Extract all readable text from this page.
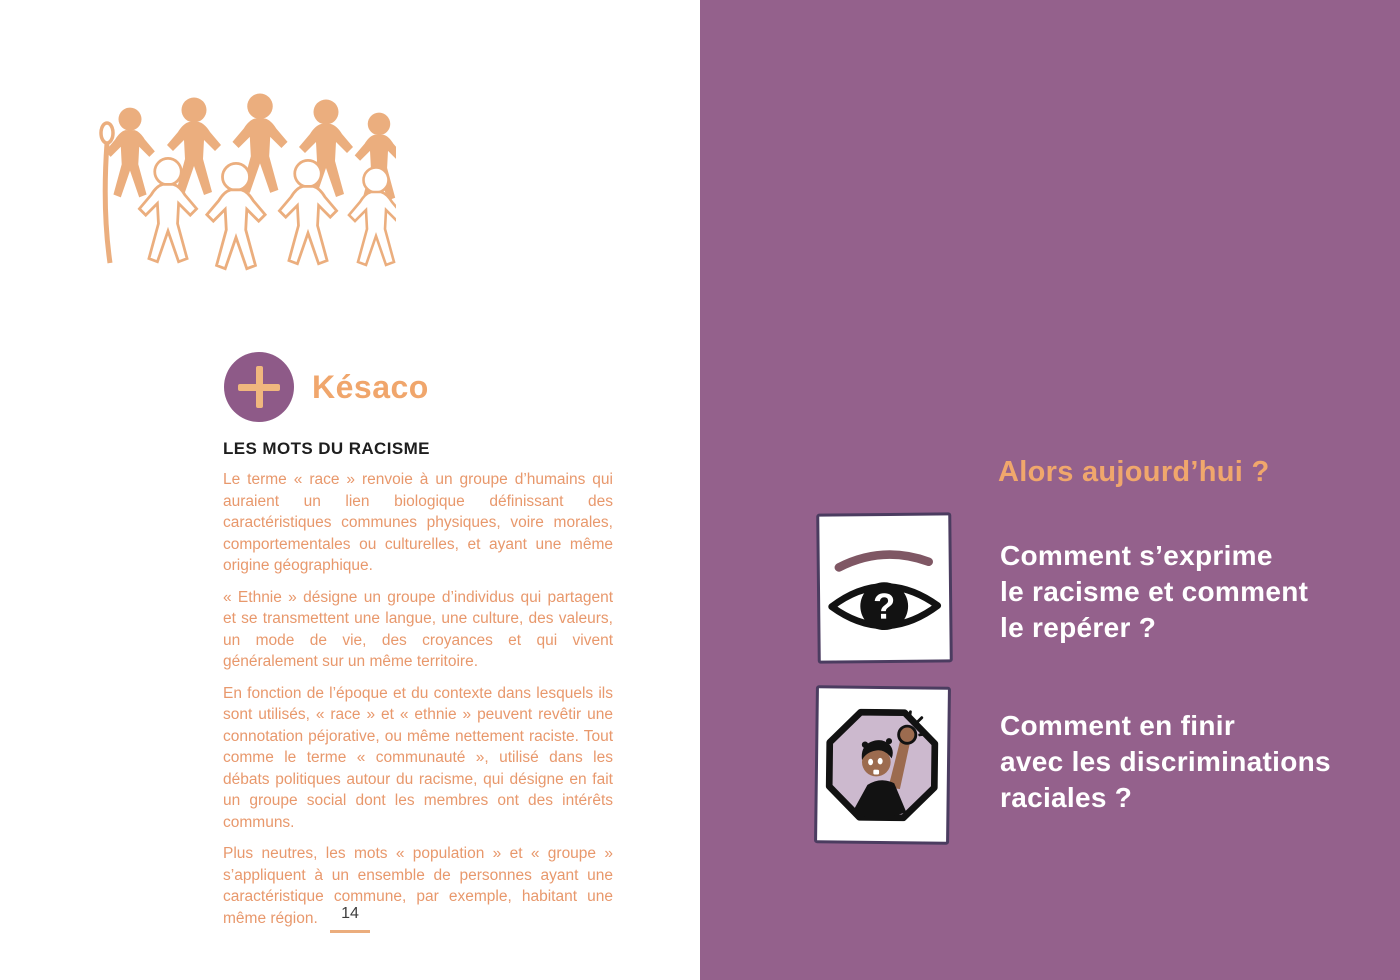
Késaco
LES MOTS DU RACISME

Le terme « race » renvoie à un groupe d’humains qui auraient un lien biologique définissant des caractéristiques communes physiques, voire morales, comportementales ou culturelles, et ayant une même origine géographique.

« Ethnie » désigne un groupe d’individus qui partagent et se transmettent une langue, une culture, des valeurs, un mode de vie, des croyances et qui vivent généralement sur un même territoire.

En fonction de l’époque et du contexte dans lesquels ils sont utilisés, « race » et « ethnie » peuvent revêtir une connotation péjorative, ou même nettement raciste. Tout comme le terme « communauté », utilisé dans les débats politiques autour du racisme, qui désigne en fait un groupe social dont les membres ont des intérêts communs.

Plus neutres, les mots « population » et « groupe » s’appliquent à un ensemble de personnes ayant une caractéristique commune, par exemple, habitant une même région.	14
Alors aujourd’hui ?
?
Comment s’exprime
le racisme et comment
le repérer ?
Comment en finir
avec les discriminations
raciales ?
